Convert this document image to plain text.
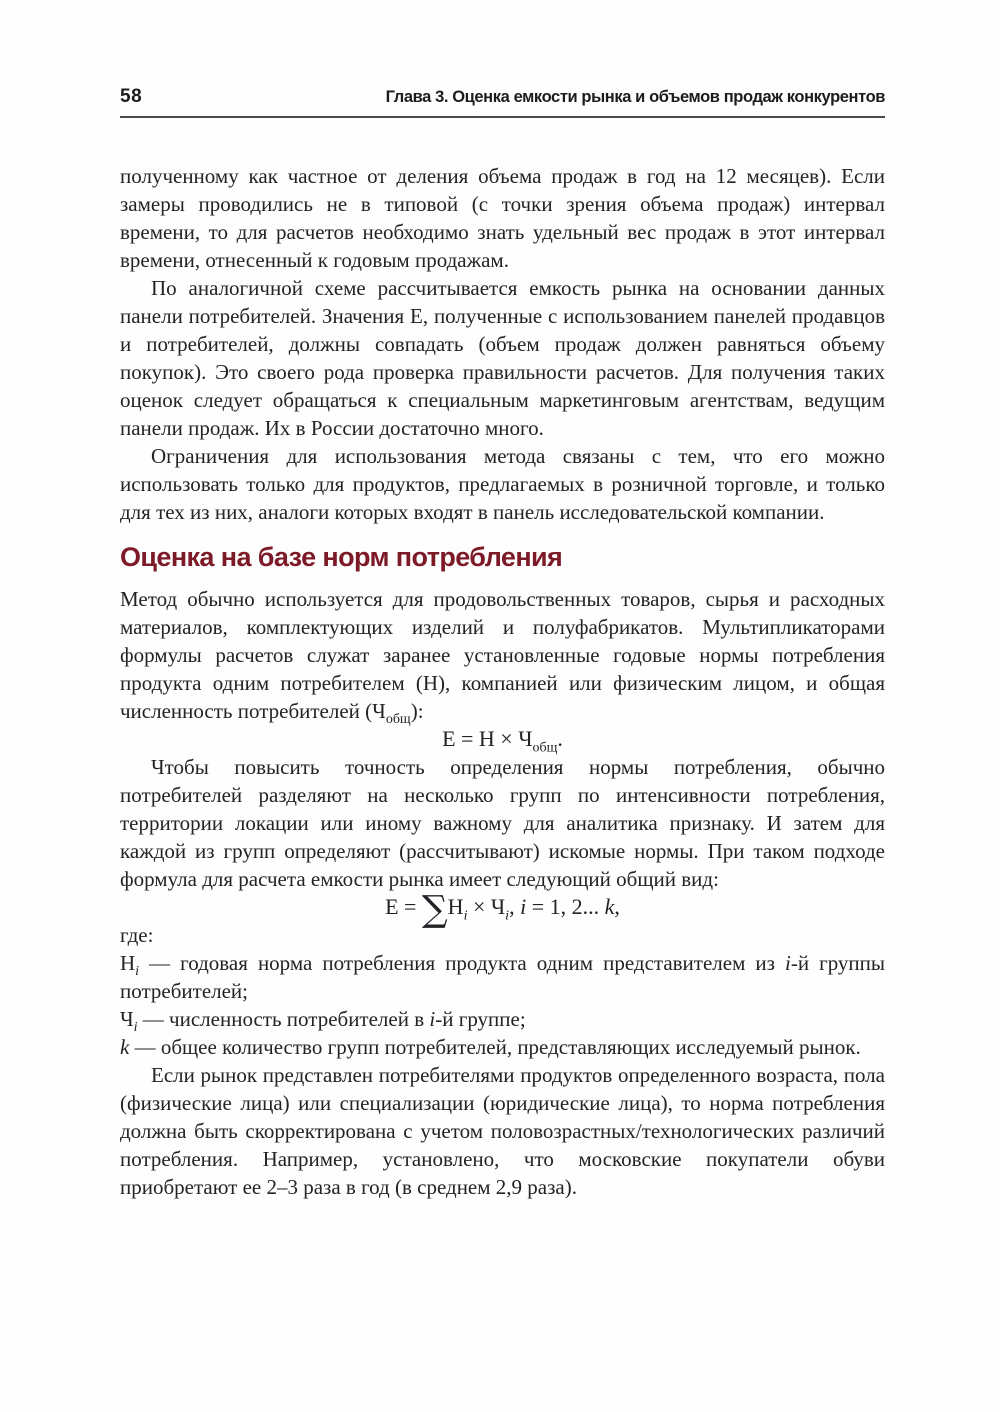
58	Глава 3. Оценка емкости рынка и объемов продаж конкурентов

полученному как частное от деления объема продаж в год на 12 месяцев). Если замеры проводились не в типовой (с точки зрения объема продаж) интервал времени, то для расчетов необходимо знать удельный вес продаж в этот интервал времени, отнесенный к годовым продажам.

По аналогичной схеме рассчитывается емкость рынка на основании данных панели потребителей. Значения Е, полученные с использованием панелей продавцов и потребителей, должны совпадать (объем продаж должен равняться объему покупок). Это своего рода проверка правильности расчетов. Для получения таких оценок следует обращаться к специальным маркетинговым агентствам, ведущим панели продаж. Их в России достаточно много.

Ограничения для использования метода связаны с тем, что его можно использовать только для продуктов, предлагаемых в розничной торговле, и только для тех из них, аналоги которых входят в панель исследовательской компании.

Оценка на базе норм потребления

Метод обычно используется для продовольственных товаров, сырья и расходных материалов, комплектующих изделий и полуфабрикатов. Мультипликаторами формулы расчетов служат заранее установленные годовые нормы потребления продукта одним потребителем (Н), компанией или физическим лицом, и общая численность потребителей $(Ч_{общ})$:

$Е = Н \times Ч_{общ}$.

Чтобы повысить точность определения нормы потребления, обычно потребителей разделяют на несколько групп по интенсивности потребления, территории локации или иному важному для аналитика признаку. И затем для каждой из групп определяют (рассчитывают) искомые нормы. При таком подходе формула для расчета емкости рынка имеет следующий общий вид:

$Е = \sum Н_i \times Ч_i$, i = 1, 2... k,

где:

$Н_i$ — годовая норма потребления продукта одним представителем из i-й группы потребителей;

$Ч_i$ — численность потребителей в i-й группе;

k — общее количество групп потребителей, представляющих исследуемый рынок.

Если рынок представлен потребителями продуктов определенного возраста, пола (физические лица) или специализации (юридические лица), то норма потребления должна быть скорректирована с учетом половозрастных/технологических различий потребления. Например, установлено, что московские покупатели обуви приобретают ее 2–3 раза в год (в среднем 2,9 раза).
